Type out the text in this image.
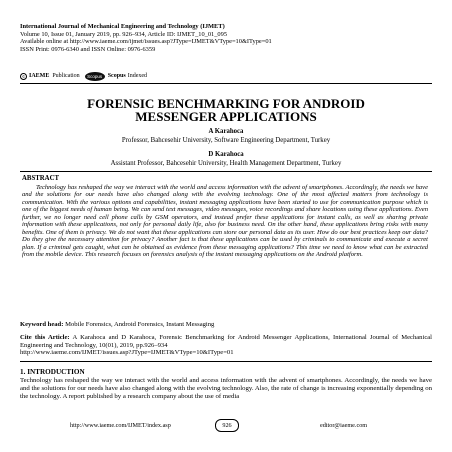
International Journal of Mechanical Engineering and Technology (IJMET)
Volume 10, Issue 01, January 2019, pp. 926–934, Article ID: IJMET_10_01_095
Available online at http://www.iaeme.com/ijmet/issues.asp?JType=IJMET&VType=10&IType=01
ISSN Print: 0976-6340 and ISSN Online: 0976-6359
© IAEME Publication	Scopus Scopus Indexed
FORENSIC BENCHMARKING FOR ANDROID
MESSENGER APPLICATIONS
A Karahoca
Professor, Bahcesehir University, Software Engineering Department, Turkey
D Karahoca
Assistant Professor, Bahcesehir University, Health Management Department, Turkey
ABSTRACT
Technology has reshaped the way we interact with the world and access information with the advent of smartphones. Accordingly, the needs we have and the solutions for our needs have also changed along with the evolving technology. One of the most affected matters from technology is communication. With the various options and capabilities, instant messaging applications have been started to use for communication purpose which is one of the biggest needs of human being. We can send text messages, video messages, voice recordings and share locations using these applications. Even further, we no longer need cell phone calls by GSM operators, and instead prefer these applications for instant calls, as well as sharing private information with these applications, not only for personal daily life, also for business need. On the other hand, these applications bring risks with many benefits. One of them is privacy. We do not want that these applications can store our personal data as its user. How do our best practices keep our data? Do they give the necessary attention for privacy? Another fact is that these applications can be used by criminals to communicate and execute a secret plan. If a criminal gets caught, what can be obtained as evidence from these messaging applications? This time we need to know what can be extracted from the mobile device. This research focuses on forensics analysis of the instant messaging applications on the Android platform.
Keyword head: Mobile Forensics, Android Forensics, Instant Messaging
Cite this Article: A Karahoca and D Karahoca, Forensic Benchmarking for Android Messenger Applications, International Journal of Mechanical Engineering and Technology, 10(01), 2019, pp.926–934
http://www.iaeme.com/IJMET/issues.asp?JType=IJMET&VType=10&IType=01
1. INTRODUCTION
Technology has reshaped the way we interact with the world and access information with the advent of smartphones. Accordingly, the needs we have and the solutions for our needs have also changed along with the evolving technology. Also, the rate of change is increasing exponentially depending on the technology. A report published by a research company about the use of media
http://www.iaeme.com/IJMET/index.asp	926	editor@iaeme.com
